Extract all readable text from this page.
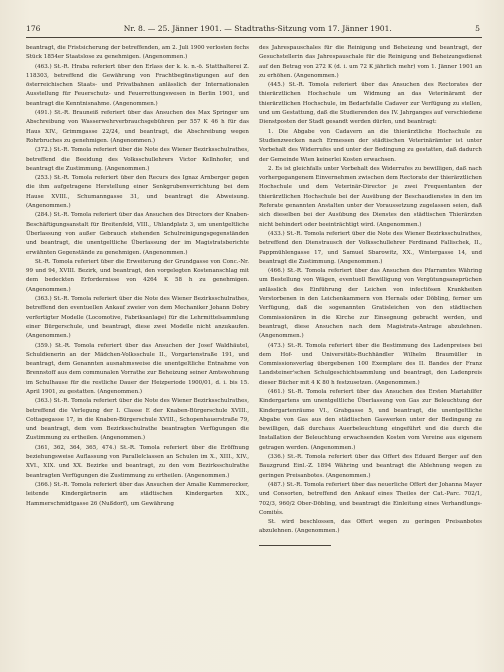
176	Nr. 8. — 25. Jänner 1901. — Stadtraths-Sitzung vom 17. Jänner 1901.	5

beantragt, die Fristsicherung der betreffenden, am 2. Juli 1900 verlosten fechs Stück 1854er Staatslose zu genehmigen. (Angenommen.)

(463.) St.-R. Hraba referiert über den Erlass der k. k. n.-ö. Statthalterei Z. 118303, betreffend die Gewährung von Frachtbegünstigungen auf den österreichischen Staats- und Privatbahnen anlässlich der Internationalen Ausstellung für Feuerschutz- und Feuerrettungswesen in Berlin 1901, und beantragt die Kenntnisnahme. (Angenommen.)

(491.) St.-R. Brauneiß referiert über das Ansuchen des Max Springer um Abschreibung von Wasserwehrverbrauchsgebühren per 557 K 46 h für das Haus XIV., Grimmgasse 22/24, und beantragt, die Abschreibung wegen Rohrbruches zu genehmigen. (Angenommen.)

(372.) St.-R. Tomola referiert über die Note des Wiener Bezirksschulrathes, betreffend die Beeidung des Volksschullehrers Victor Kellnhofer, und beantragt die Zustimmung. (Angenommen.)

(253.) St.-R. Tomola referiert über den Recurs des Ignaz Arnberger gegen die ihm aufgetragene Herstellung einer Senkgrubenverrichtung bei dem Hause XVIII., Schumanngasse 31, und beantragt die Abweisung. (Angenommen.)

(284.) St.-R. Tomola referiert über das Ansuchen des Directors der Knaben-Beschäftigungsanstalt für Breitenfeld, VIII., Uhlandplatz 3, um unentgeltliche Überlassung von außer Gebrauch stehenden Schulreinigungsgegenständen und beantragt, die unentgeltliche Überlassung der im Magistratsberichte erwähnten Gegenstände zu genehmigen. (Angenommen.)

St.-R. Tomola referiert über die Erweiterung der Grundgasse von Conc.-Nr. 99 und 94, XVIII. Bezirk, und beantragt, den vorgelegten Kostenanschlag mit dem bedeckten Erfordernisse von 4264 K 58 h zu genehmigen. (Angenommen.)

(363.) St.-R. Tomola referiert über die Note des Wiener Bezirksschulrathes, betreffend den eventuellen Ankauf zweier von dem Mechaniker Johann Dobry verfertigter Modelle (Locomotive, Fabriksanlage) für die Lehrmittelsammlung einer Bürgerschule, und beantragt, diese zwei Modelle nicht anzukaufen. (Angenommen.)

(359.) St.-R. Tomola referiert über das Ansuchen der Josef Waldhäutel, Schuldienerin an der Mädchen-Volksschule II., Vorgartenstraße 191, und beantragt, dem Genannten ausnahmsweise die unentgeltliche Entnahme von Brennstoff aus dem communalen Vorrathe zur Beheizung seiner Amtswohnung im Schulhause für die restliche Dauer der Heizperiode 1900/01, d. i. bis 15. April 1901, zu gestatten. (Angenommen.)

(363.) St.-R. Tomola referiert über die Note des Wiener Bezirksschulrathes, betreffend die Verlegung der I. Classe E der Knaben-Bürgerschule XVIII., Cottagegasse 17, in die Knaben-Bürgerschule XVIII., Schopenhauerstraße 79, und beantragt, dem vom Bezirksschulrathe beantragten Verfügungen die Zustimmung zu ertheilen. (Angenommen.)

(361, 362, 364, 365, 474.) St.-R. Tomola referiert über die Eröffnung beziehungsweise Auflassung von Parallelclassen an Schulen im X., XIII., XIV., XVI., XIX. und XX. Bezirke und beantragt, zu den vom Bezirksschulrathe beantragten Verfügungen die Zustimmung zu ertheilen. (Angenommen.)

(366.) St.-R. Tomola referiert über das Ansuchen der Amalie Kummerecker, leitende Kindergärtnerin am städtischen Kindergarten XIX., Hammerschmidtgasse 26 (Nußdorf), um Gewährung

des Jahrespauschales für die Reinigung und Beheizung und beantragt, der Gesuchstellerin das Jahrespauschale für die Reinigung und Beheizungsdienst auf den Betrag von 272 K (d. i. um 72 K jährlich mehr) vom 1. Jänner 1901 an zu erhöhen. (Angenommen.)

(445.) St.-R. Tomola referiert über das Ansuchen des Rectorates der thierärztlichen Hochschule um Widmung an das Veterinäramt der thierärztlichen Hochschule, im Bedarfsfalle Cadaver zur Verfügung zu stellen, und um Gestattung, daß die Studierenden des IV. Jahrganges auf verschiedene Dienstposten der Stadt gesandt werden dürfen, und beantragt:

1. Die Abgabe von Cadavern an die thierärztliche Hochschule zu Studienzwecken nach Ermessen der städtischen Veterinärämter ist unter Vorbehalt des Widerrufes und unter der Bedingung zu gestatten, daß dadurch der Gemeinde Wien keinerlei Kosten erwachsen.

2. Es ist gleichfalls unter Vorbehalt des Widerrufes zu bewilligen, daß nach vorhergegangenem Einvernehmen zwischen dem Rectorate der thierärztlichen Hochschule und dem Veterinär-Director je zwei Frequentanten der thierärztlichen Hochschule bei der Ausübung der Beschaudienstes in den im Referate genannten Anstalten unter der Voraussetzung zugelassen seien, daß sich dieselben bei der Ausübung des Dienstes den städtischen Thierärzten nicht behindert oder beeinträchtigt wird. (Angenommen.)

(433.) St.-R. Tomola referiert über die Note des Wiener Bezirksschulrathes, betreffend den Dienstrausch der Volksschullehrer Ferdinand Fallischek, II., Pappmühlengasse 17, und Samuel Sbarowitz, XX., Wintergasse 14, und beantragt die Zustimmung. (Angenommen.)

(466.) St.-R. Tomola referiert über das Ansuchen des Pfarramtes Währing um Bestellung von Wägen, eventuell Bewilligung von Vergütungsansprüchen anlässlich des Einführung der Leichen von infectiösen Krankheiten Verstorbenen in den Leichenkammern von Hernals oder Döbling, ferner um Verfügung, daß die sogenannten Gratisleichen von den städtischen Commissionären in die Kirche zur Einsegnung gebracht werden, und beantragt, diese Ansuchen nach dem Magistrats-Antrage abzulehnen. (Angenommen.)

(473.) St.-R. Tomola referiert über die Bestimmung des Ladenpreises bei dem Hof- und Universitäts-Buchhändler Wilhelm Braumüller in Commissionsverlag übergebenen 100 Exemplare des II. Bandes der Franz Landsteiner'schen Schulgeschichtsammlung und beantragt, den Ladenpreis dieser Bücher mit 4 K 80 h festzusetzen. (Angenommen.)

(461.) St.-R. Tomola referiert über das Ansuchen des Ersten Mariahilfer Kindergartens um unentgeltliche Überlassung von Gas zur Beleuchtung der Kindergartenräume VI., Grabgasse 5, und beantragt, die unentgeltliche Abgabe von Gas aus den städtischen Gaswerken unter der Bedingung zu bewilligen, daß durchaus Auerbeleuchtung eingeführt und die durch die Installation der Beleuchtung erwachsenden Kosten vom Vereine aus eigenem getragen werden. (Angenommen.)

(336.) St.-R. Tomola referiert über das Offert des Eduard Berger auf den Bauzgrund Einl.-Z. 1894 Währing und beantragt die Ablehnung wegen zu geringen Preisanbotes. (Angenommen.)

(487.) St.-R. Tomola referiert über das neuerliche Offert der Johanna Mayer und Consorten, betreffend den Ankauf eines Theiles der Cat.-Parc. 702/1, 702/3, 960/2 Ober-Döbling, und beantragt die Einleitung eines Verhandlungs-Comités.

St. wird beschlossen, das Offert wegen zu geringen Preisanbotes abzulehnen. (Angenommen.)
